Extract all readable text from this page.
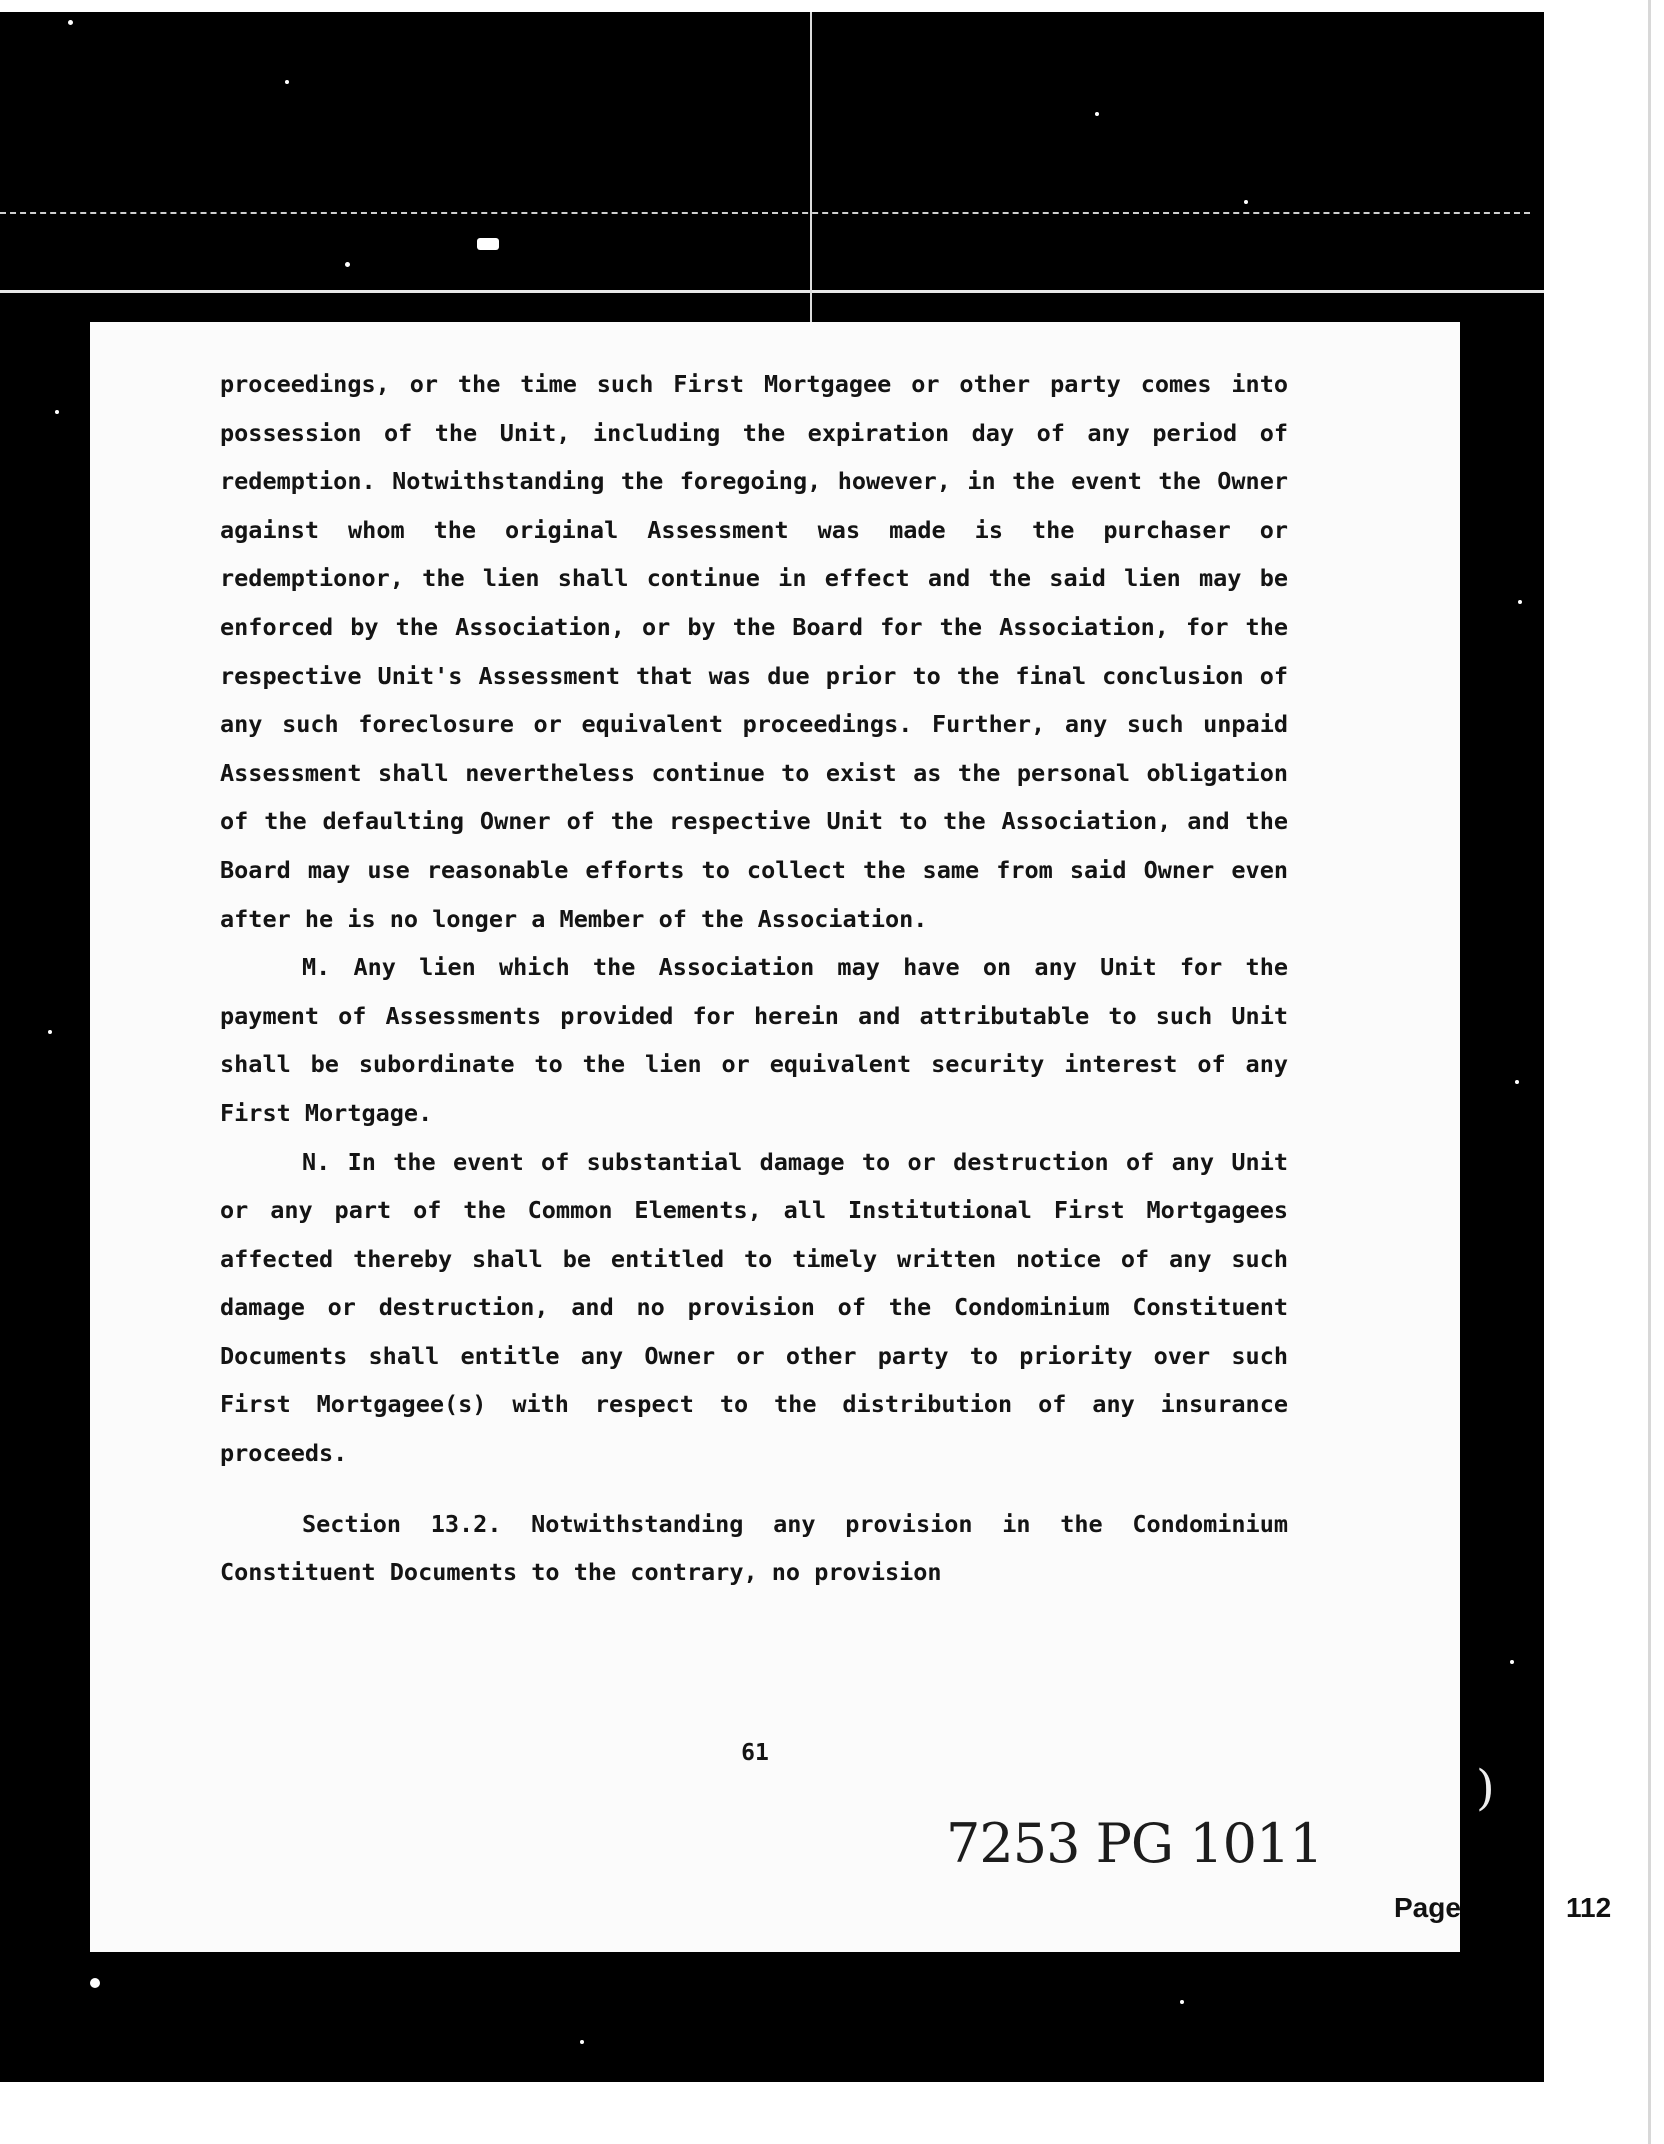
)

proceedings, or the time such First Mortgagee or other party comes into possession of the Unit, including the expiration day of any period of redemption. Notwithstanding the foregoing, however, in the event the Owner against whom the original Assessment was made is the purchaser or redemptionor, the lien shall continue in effect and the said lien may be enforced by the Association, or by the Board for the Association, for the respective Unit's Assessment that was due prior to the final conclusion of any such foreclosure or equivalent proceedings. Further, any such unpaid Assessment shall nevertheless continue to exist as the personal obligation of the defaulting Owner of the respective Unit to the Association, and the Board may use reasonable efforts to collect the same from said Owner even after he is no longer a Member of the Association.

M. Any lien which the Association may have on any Unit for the payment of Assessments provided for herein and attributable to such Unit shall be subordinate to the lien or equivalent security interest of any First Mortgage.

N. In the event of substantial damage to or destruction of any Unit or any part of the Common Elements, all Institutional First Mortgagees affected thereby shall be entitled to timely written notice of any such damage or destruction, and no provision of the Condominium Constituent Documents shall entitle any Owner or other party to priority over such First Mortgagee(s) with respect to the distribution of any insurance proceeds.

Section 13.2. Notwithstanding any provision in the Condominium Constituent Documents to the contrary, no provision

61
7253 PG 1011
Page	112
